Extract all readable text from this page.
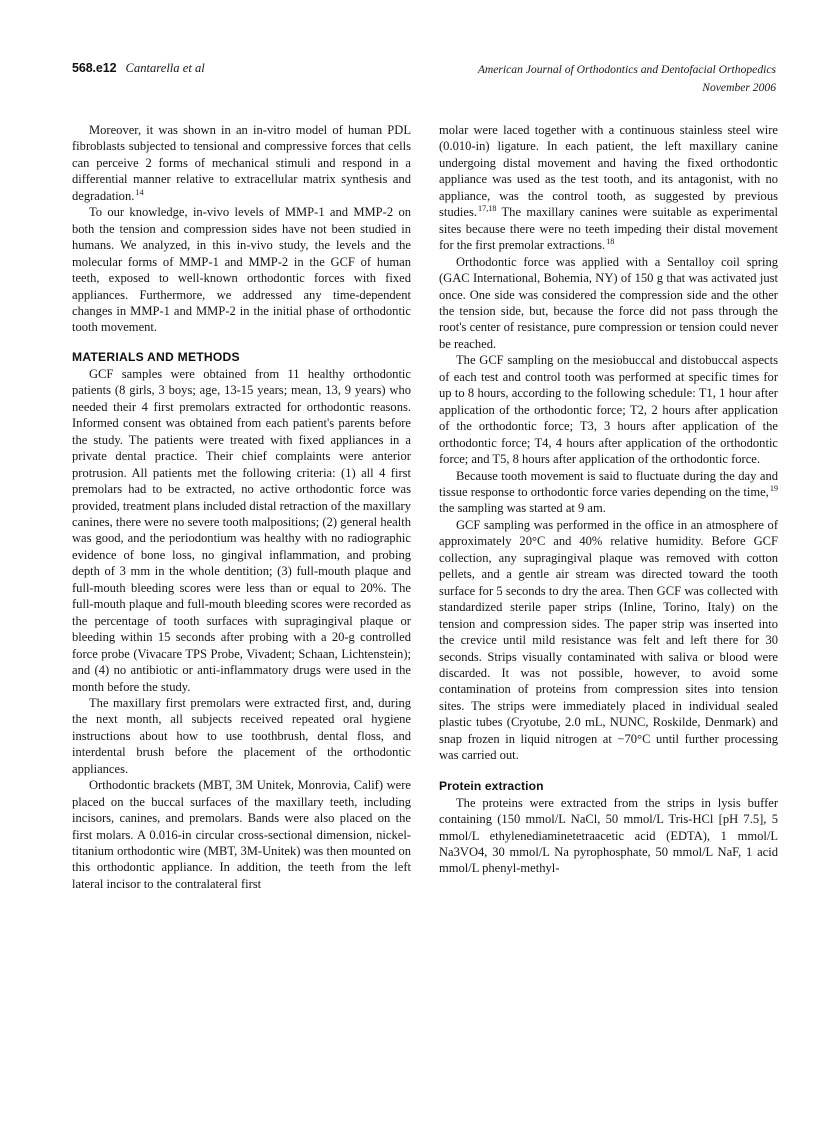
568.e12 Cantarella et al	American Journal of Orthodontics and Dentofacial Orthopedics
November 2006

Moreover, it was shown in an in-vitro model of human PDL fibroblasts subjected to tensional and compressive forces that cells can perceive 2 forms of mechanical stimuli and respond in a differential manner relative to extracellular matrix synthesis and degradation.$^{14}$

To our knowledge, in-vivo levels of MMP-1 and MMP-2 on both the tension and compression sides have not been studied in humans. We analyzed, in this in-vivo study, the levels and the molecular forms of MMP-1 and MMP-2 in the GCF of human teeth, exposed to well-known orthodontic forces with fixed appliances. Furthermore, we addressed any time-dependent changes in MMP-1 and MMP-2 in the initial phase of orthodontic tooth movement.

MATERIALS AND METHODS

GCF samples were obtained from 11 healthy orthodontic patients (8 girls, 3 boys; age, 13-15 years; mean, 13, 9 years) who needed their 4 first premolars extracted for orthodontic reasons. Informed consent was obtained from each patient's parents before the study. The patients were treated with fixed appliances in a private dental practice. Their chief complaints were anterior protrusion. All patients met the following criteria: (1) all 4 first premolars had to be extracted, no active orthodontic force was provided, treatment plans included distal retraction of the maxillary canines, there were no severe tooth malpositions; (2) general health was good, and the periodontium was healthy with no radiographic evidence of bone loss, no gingival inflammation, and probing depth of 3 mm in the whole dentition; (3) full-mouth plaque and full-mouth bleeding scores were less than or equal to 20%. The full-mouth plaque and full-mouth bleeding scores were recorded as the percentage of tooth surfaces with supragingival plaque or bleeding within 15 seconds after probing with a 20-g controlled force probe (Vivacare TPS Probe, Vivadent; Schaan, Lichtenstein); and (4) no antibiotic or anti-inflammatory drugs were used in the month before the study.

The maxillary first premolars were extracted first, and, during the next month, all subjects received repeated oral hygiene instructions about how to use toothbrush, dental floss, and interdental brush before the placement of the orthodontic appliances.

Orthodontic brackets (MBT, 3M Unitek, Monrovia, Calif) were placed on the buccal surfaces of the maxillary teeth, including incisors, canines, and premolars. Bands were also placed on the first molars. A 0.016-in circular cross-sectional dimension, nickel-titanium orthodontic wire (MBT, 3M-Unitek) was then mounted on this orthodontic appliance. In addition, the teeth from the left lateral incisor to the contralateral first

molar were laced together with a continuous stainless steel wire (0.010-in) ligature. In each patient, the left maxillary canine undergoing distal movement and having the fixed orthodontic appliance was used as the test tooth, and its antagonist, with no appliance, was the control tooth, as suggested by previous studies.$^{17,18}$ The maxillary canines were suitable as experimental sites because there were no teeth impeding their distal movement for the first premolar extractions.$^{18}$

Orthodontic force was applied with a Sentalloy coil spring (GAC International, Bohemia, NY) of 150 g that was activated just once. One side was considered the compression side and the other the tension side, but, because the force did not pass through the root's center of resistance, pure compression or tension could never be reached.

The GCF sampling on the mesiobuccal and distobuccal aspects of each test and control tooth was performed at specific times for up to 8 hours, according to the following schedule: T1, 1 hour after application of the orthodontic force; T2, 2 hours after application of the orthodontic force; T3, 3 hours after application of the orthodontic force; T4, 4 hours after application of the orthodontic force; and T5, 8 hours after application of the orthodontic force.

Because tooth movement is said to fluctuate during the day and tissue response to orthodontic force varies depending on the time,$^{19}$ the sampling was started at 9 am.

GCF sampling was performed in the office in an atmosphere of approximately 20°C and 40% relative humidity. Before GCF collection, any supragingival plaque was removed with cotton pellets, and a gentle air stream was directed toward the tooth surface for 5 seconds to dry the area. Then GCF was collected with standardized sterile paper strips (Inline, Torino, Italy) on the tension and compression sides. The paper strip was inserted into the crevice until mild resistance was felt and left there for 30 seconds. Strips visually contaminated with saliva or blood were discarded. It was not possible, however, to avoid some contamination of proteins from compression sites into tension sites. The strips were immediately placed in individual sealed plastic tubes (Cryotube, 2.0 mL, NUNC, Roskilde, Denmark) and snap frozen in liquid nitrogen at −70°C until further processing was carried out.

Protein extraction

The proteins were extracted from the strips in lysis buffer containing (150 mmol/L NaCl, 50 mmol/L Tris-HCl [pH 7.5], 5 mmol/L ethylenediaminetetraacetic acid (EDTA), 1 mmol/L Na3VO4, 30 mmol/L Na pyrophosphate, 50 mmol/L NaF, 1 acid mmol/L phenyl-methyl-
